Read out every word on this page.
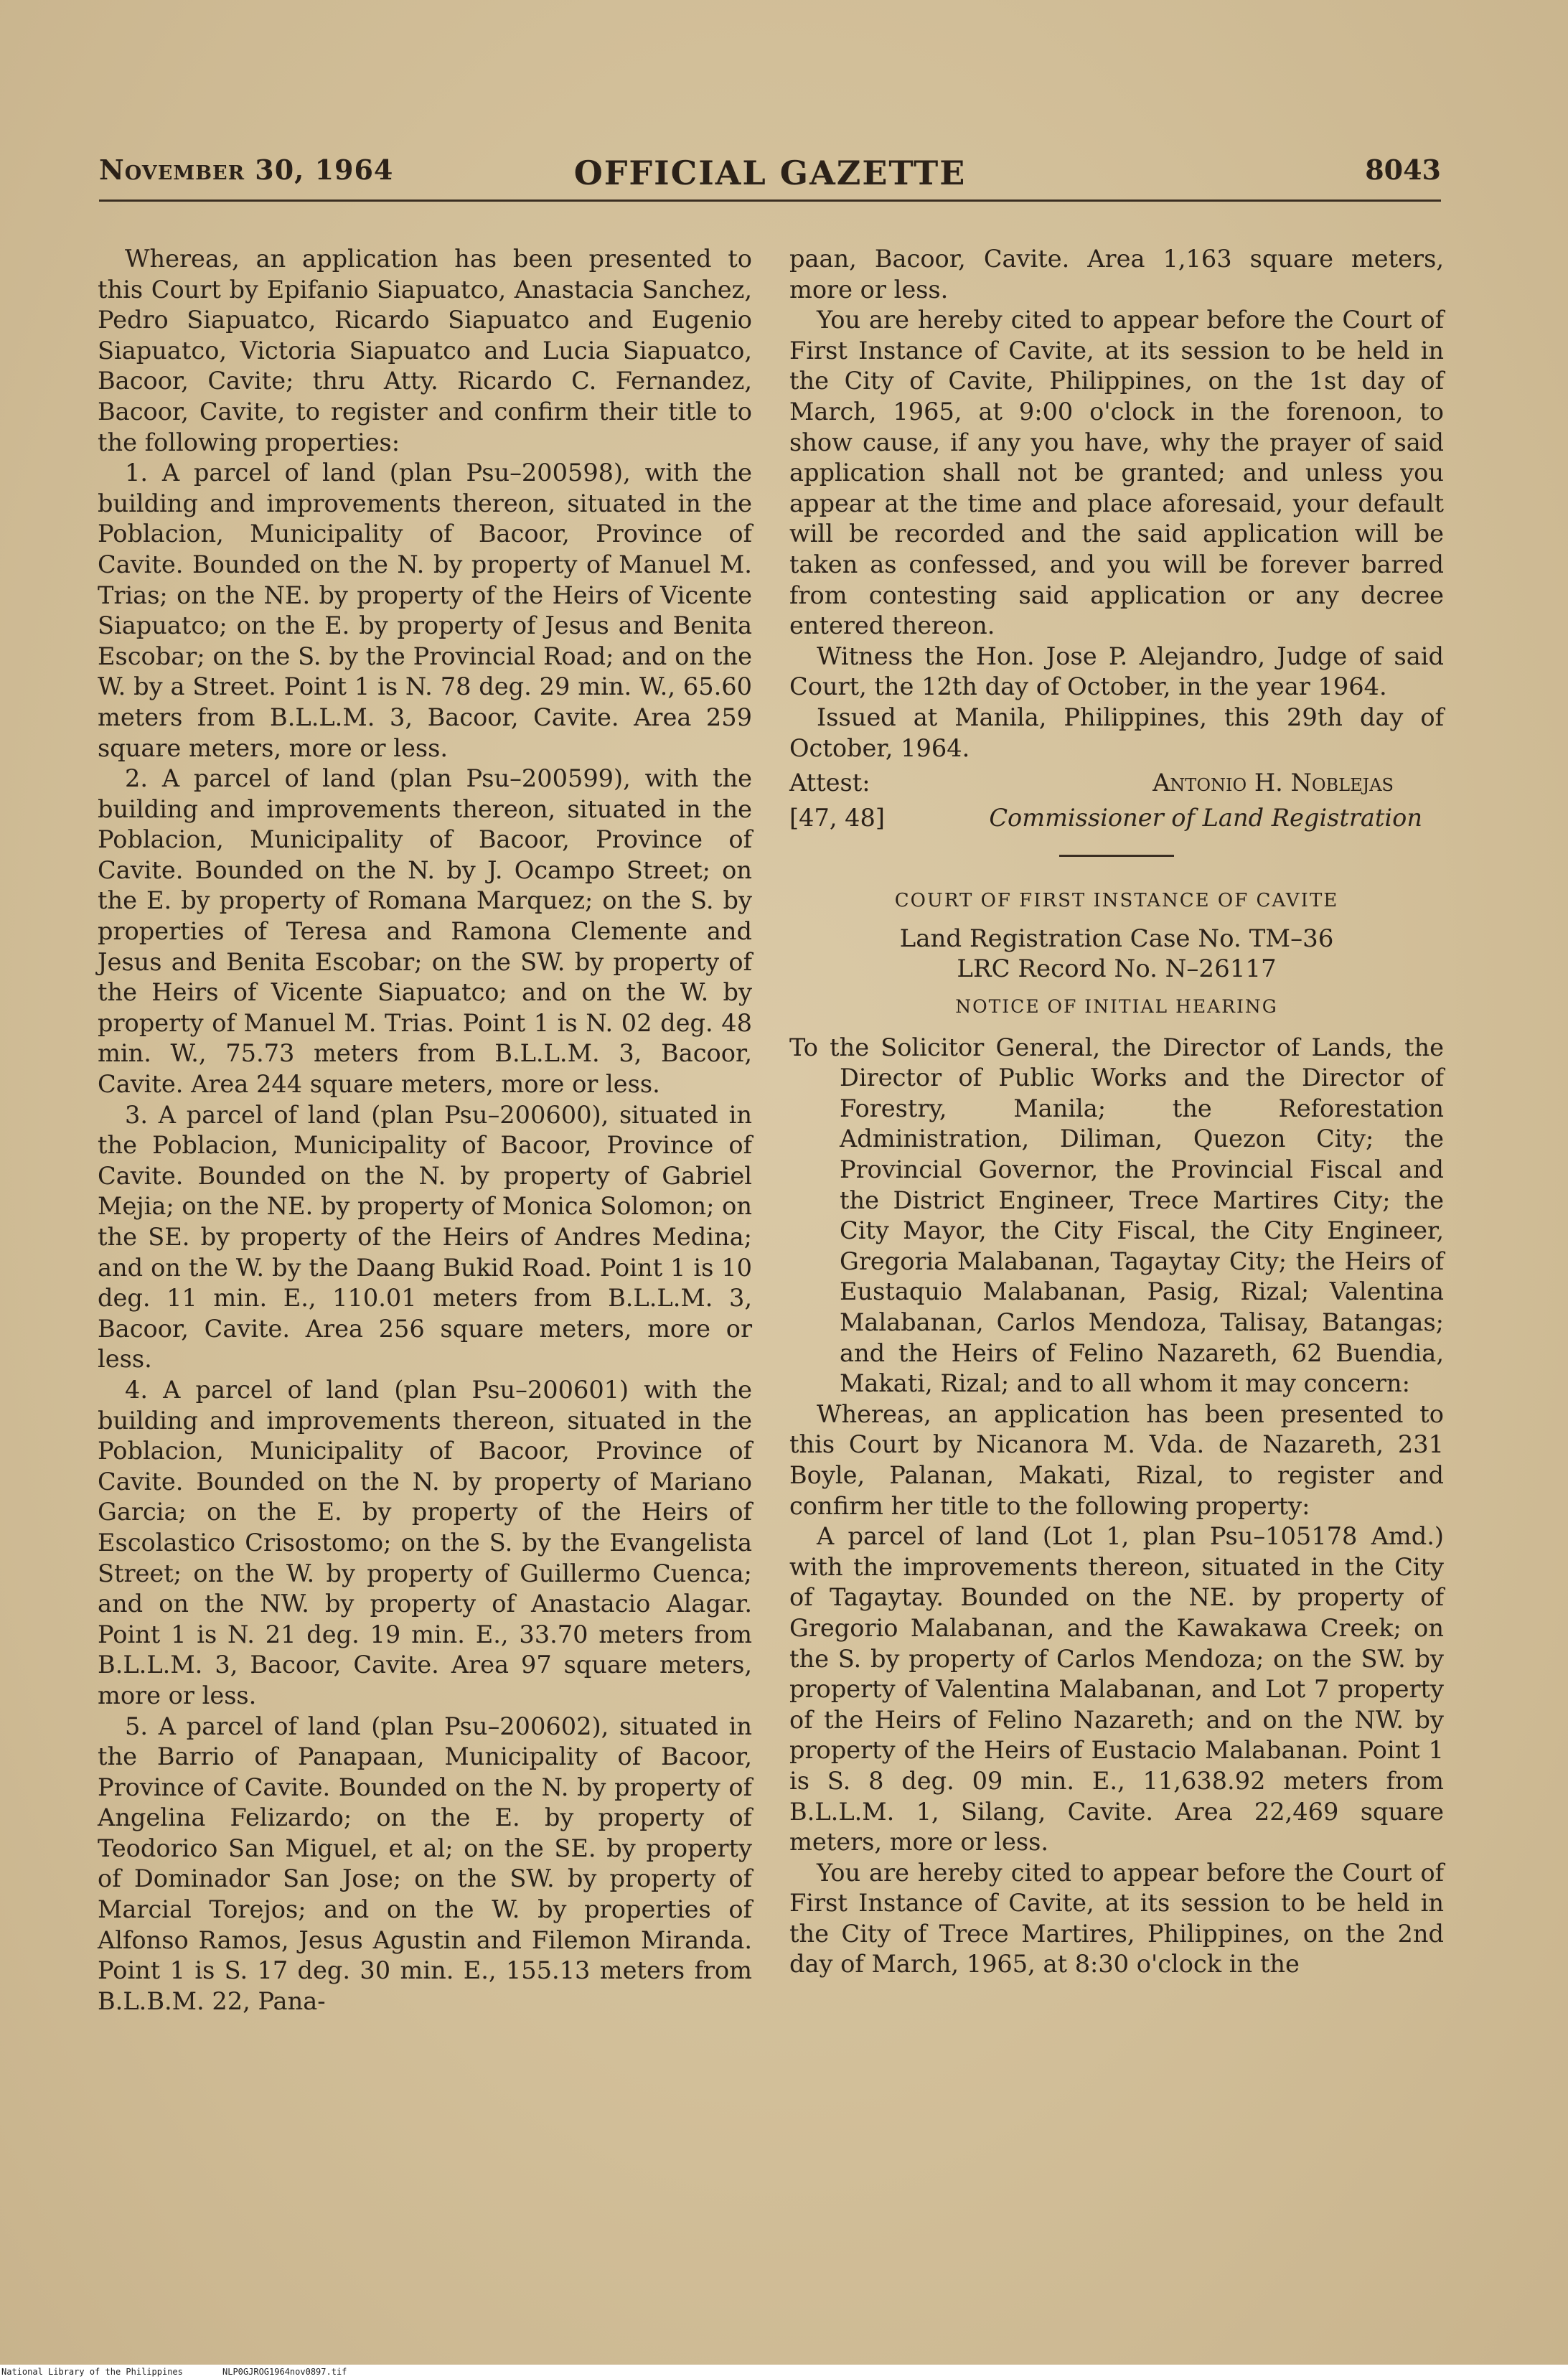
November 30, 1964	OFFICIAL GAZETTE	8043

Whereas, an application has been presented to this Court by Epifanio Siapuatco, Anastacia Sanchez, Pedro Siapuatco, Ricardo Siapuatco and Eugenio Siapuatco, Victoria Siapuatco and Lucia Siapuatco, Bacoor, Cavite; thru Atty. Ricardo C. Fernandez, Bacoor, Cavite, to register and confirm their title to the following properties:

1. A parcel of land (plan Psu–200598), with the building and improvements thereon, situated in the Poblacion, Municipality of Bacoor, Province of Cavite. Bounded on the N. by property of Manuel M. Trias; on the NE. by property of the Heirs of Vicente Siapuatco; on the E. by property of Jesus and Benita Escobar; on the S. by the Provincial Road; and on the W. by a Street. Point 1 is N. 78 deg. 29 min. W., 65.60 meters from B.L.L.M. 3, Bacoor, Cavite. Area 259 square meters, more or less.

2. A parcel of land (plan Psu–200599), with the building and improvements thereon, situated in the Poblacion, Municipality of Bacoor, Province of Cavite. Bounded on the N. by J. Ocampo Street; on the E. by property of Romana Marquez; on the S. by properties of Teresa and Ramona Clemente and Jesus and Benita Escobar; on the SW. by property of the Heirs of Vicente Siapuatco; and on the W. by property of Manuel M. Trias. Point 1 is N. 02 deg. 48 min. W., 75.73 meters from B.L.L.M. 3, Bacoor, Cavite. Area 244 square meters, more or less.

3. A parcel of land (plan Psu–200600), situated in the Poblacion, Municipality of Bacoor, Province of Cavite. Bounded on the N. by property of Gabriel Mejia; on the NE. by property of Monica Solomon; on the SE. by property of the Heirs of Andres Medina; and on the W. by the Daang Bukid Road. Point 1 is 10 deg. 11 min. E., 110.01 meters from B.L.L.M. 3, Bacoor, Cavite. Area 256 square meters, more or less.

4. A parcel of land (plan Psu–200601) with the building and improvements thereon, situated in the Poblacion, Municipality of Bacoor, Province of Cavite. Bounded on the N. by property of Mariano Garcia; on the E. by property of the Heirs of Escolastico Crisostomo; on the S. by the Evangelista Street; on the W. by property of Guillermo Cuenca; and on the NW. by property of Anastacio Alagar. Point 1 is N. 21 deg. 19 min. E., 33.70 meters from B.L.L.M. 3, Bacoor, Cavite. Area 97 square meters, more or less.

5. A parcel of land (plan Psu–200602), situated in the Barrio of Panapaan, Municipality of Bacoor, Province of Cavite. Bounded on the N. by property of Angelina Felizardo; on the E. by property of Teodorico San Miguel, et al; on the SE. by property of Dominador San Jose; on the SW. by property of Marcial Torejos; and on the W. by properties of Alfonso Ramos, Jesus Agustin and Filemon Miranda. Point 1 is S. 17 deg. 30 min. E., 155.13 meters from B.L.B.M. 22, Pana-

paan, Bacoor, Cavite. Area 1,163 square meters, more or less.

You are hereby cited to appear before the Court of First Instance of Cavite, at its session to be held in the City of Cavite, Philippines, on the 1st day of March, 1965, at 9:00 o'clock in the forenoon, to show cause, if any you have, why the prayer of said application shall not be granted; and unless you appear at the time and place aforesaid, your default will be recorded and the said application will be taken as confessed, and you will be forever barred from contesting said application or any decree entered thereon.

Witness the Hon. Jose P. Alejandro, Judge of said Court, the 12th day of October, in the year 1964.

Issued at Manila, Philippines, this 29th day of October, 1964.

Attest:	Antonio H. Noblejas
[47, 48]	Commissioner of Land Registration
COURT OF FIRST INSTANCE OF CAVITE
Land Registration Case No. TM–36
LRC Record No. N–26117
NOTICE OF INITIAL HEARING

To the Solicitor General, the Director of Lands, the Director of Public Works and the Director of Forestry, Manila; the Reforestation Administration, Diliman, Quezon City; the Provincial Governor, the Provincial Fiscal and the District Engineer, Trece Martires City; the City Mayor, the City Fiscal, the City Engineer, Gregoria Malabanan, Tagaytay City; the Heirs of Eustaquio Malabanan, Pasig, Rizal; Valentina Malabanan, Carlos Mendoza, Talisay, Batangas; and the Heirs of Felino Nazareth, 62 Buendia, Makati, Rizal; and to all whom it may concern:

Whereas, an application has been presented to this Court by Nicanora M. Vda. de Nazareth, 231 Boyle, Palanan, Makati, Rizal, to register and confirm her title to the following property:

A parcel of land (Lot 1, plan Psu–105178 Amd.) with the improvements thereon, situated in the City of Tagaytay. Bounded on the NE. by property of Gregorio Malabanan, and the Kawakawa Creek; on the S. by property of Carlos Mendoza; on the SW. by property of Valentina Malabanan, and Lot 7 property of the Heirs of Felino Nazareth; and on the NW. by property of the Heirs of Eustacio Malabanan. Point 1 is S. 8 deg. 09 min. E., 11,638.92 meters from B.L.L.M. 1, Silang, Cavite. Area 22,469 square meters, more or less.

You are hereby cited to appear before the Court of First Instance of Cavite, at its session to be held in the City of Trece Martires, Philippines, on the 2nd day of March, 1965, at 8:30 o'clock in the

National Library of the Philippines	NLP0GJROG1964nov0897.tif
